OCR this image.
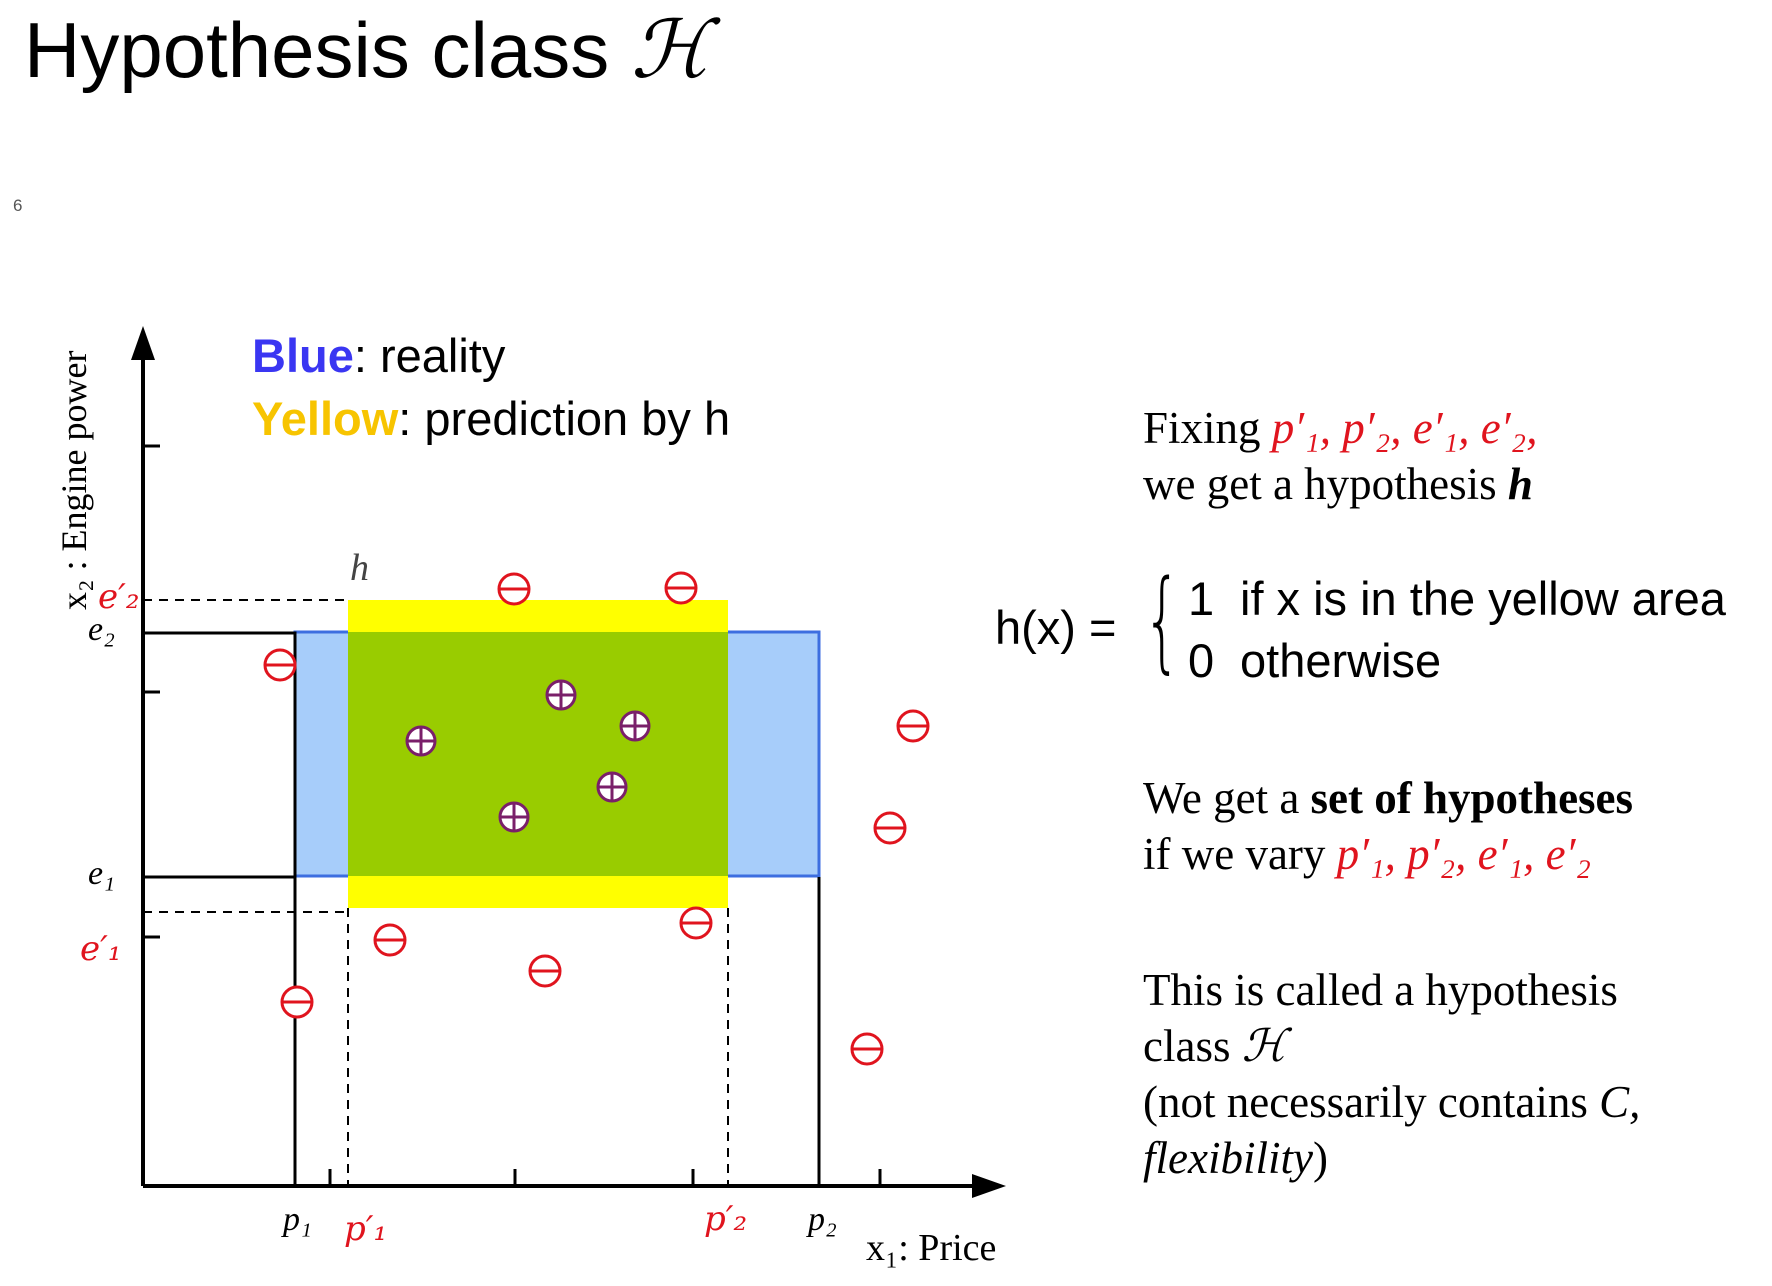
Hypothesis class ℋ
6
x₂ : Engine power
x₁: Price
e₂
e₁
e′₂
e′₁
p₁ p′₁	p′₂ p₂
h
Blue: reality
Yellow: prediction by h	Fixing p′₁, p′₂, e′₁, e′₂,
we get a hypothesis h
h(x) = { 1 if x is in the yellow area
0 otherwise
We get a set of hypotheses
if we vary p′₁, p′₂, e′₁, e′₂
This is called a hypothesis
class ℋ
(not necessarily contains C,
flexibility)
